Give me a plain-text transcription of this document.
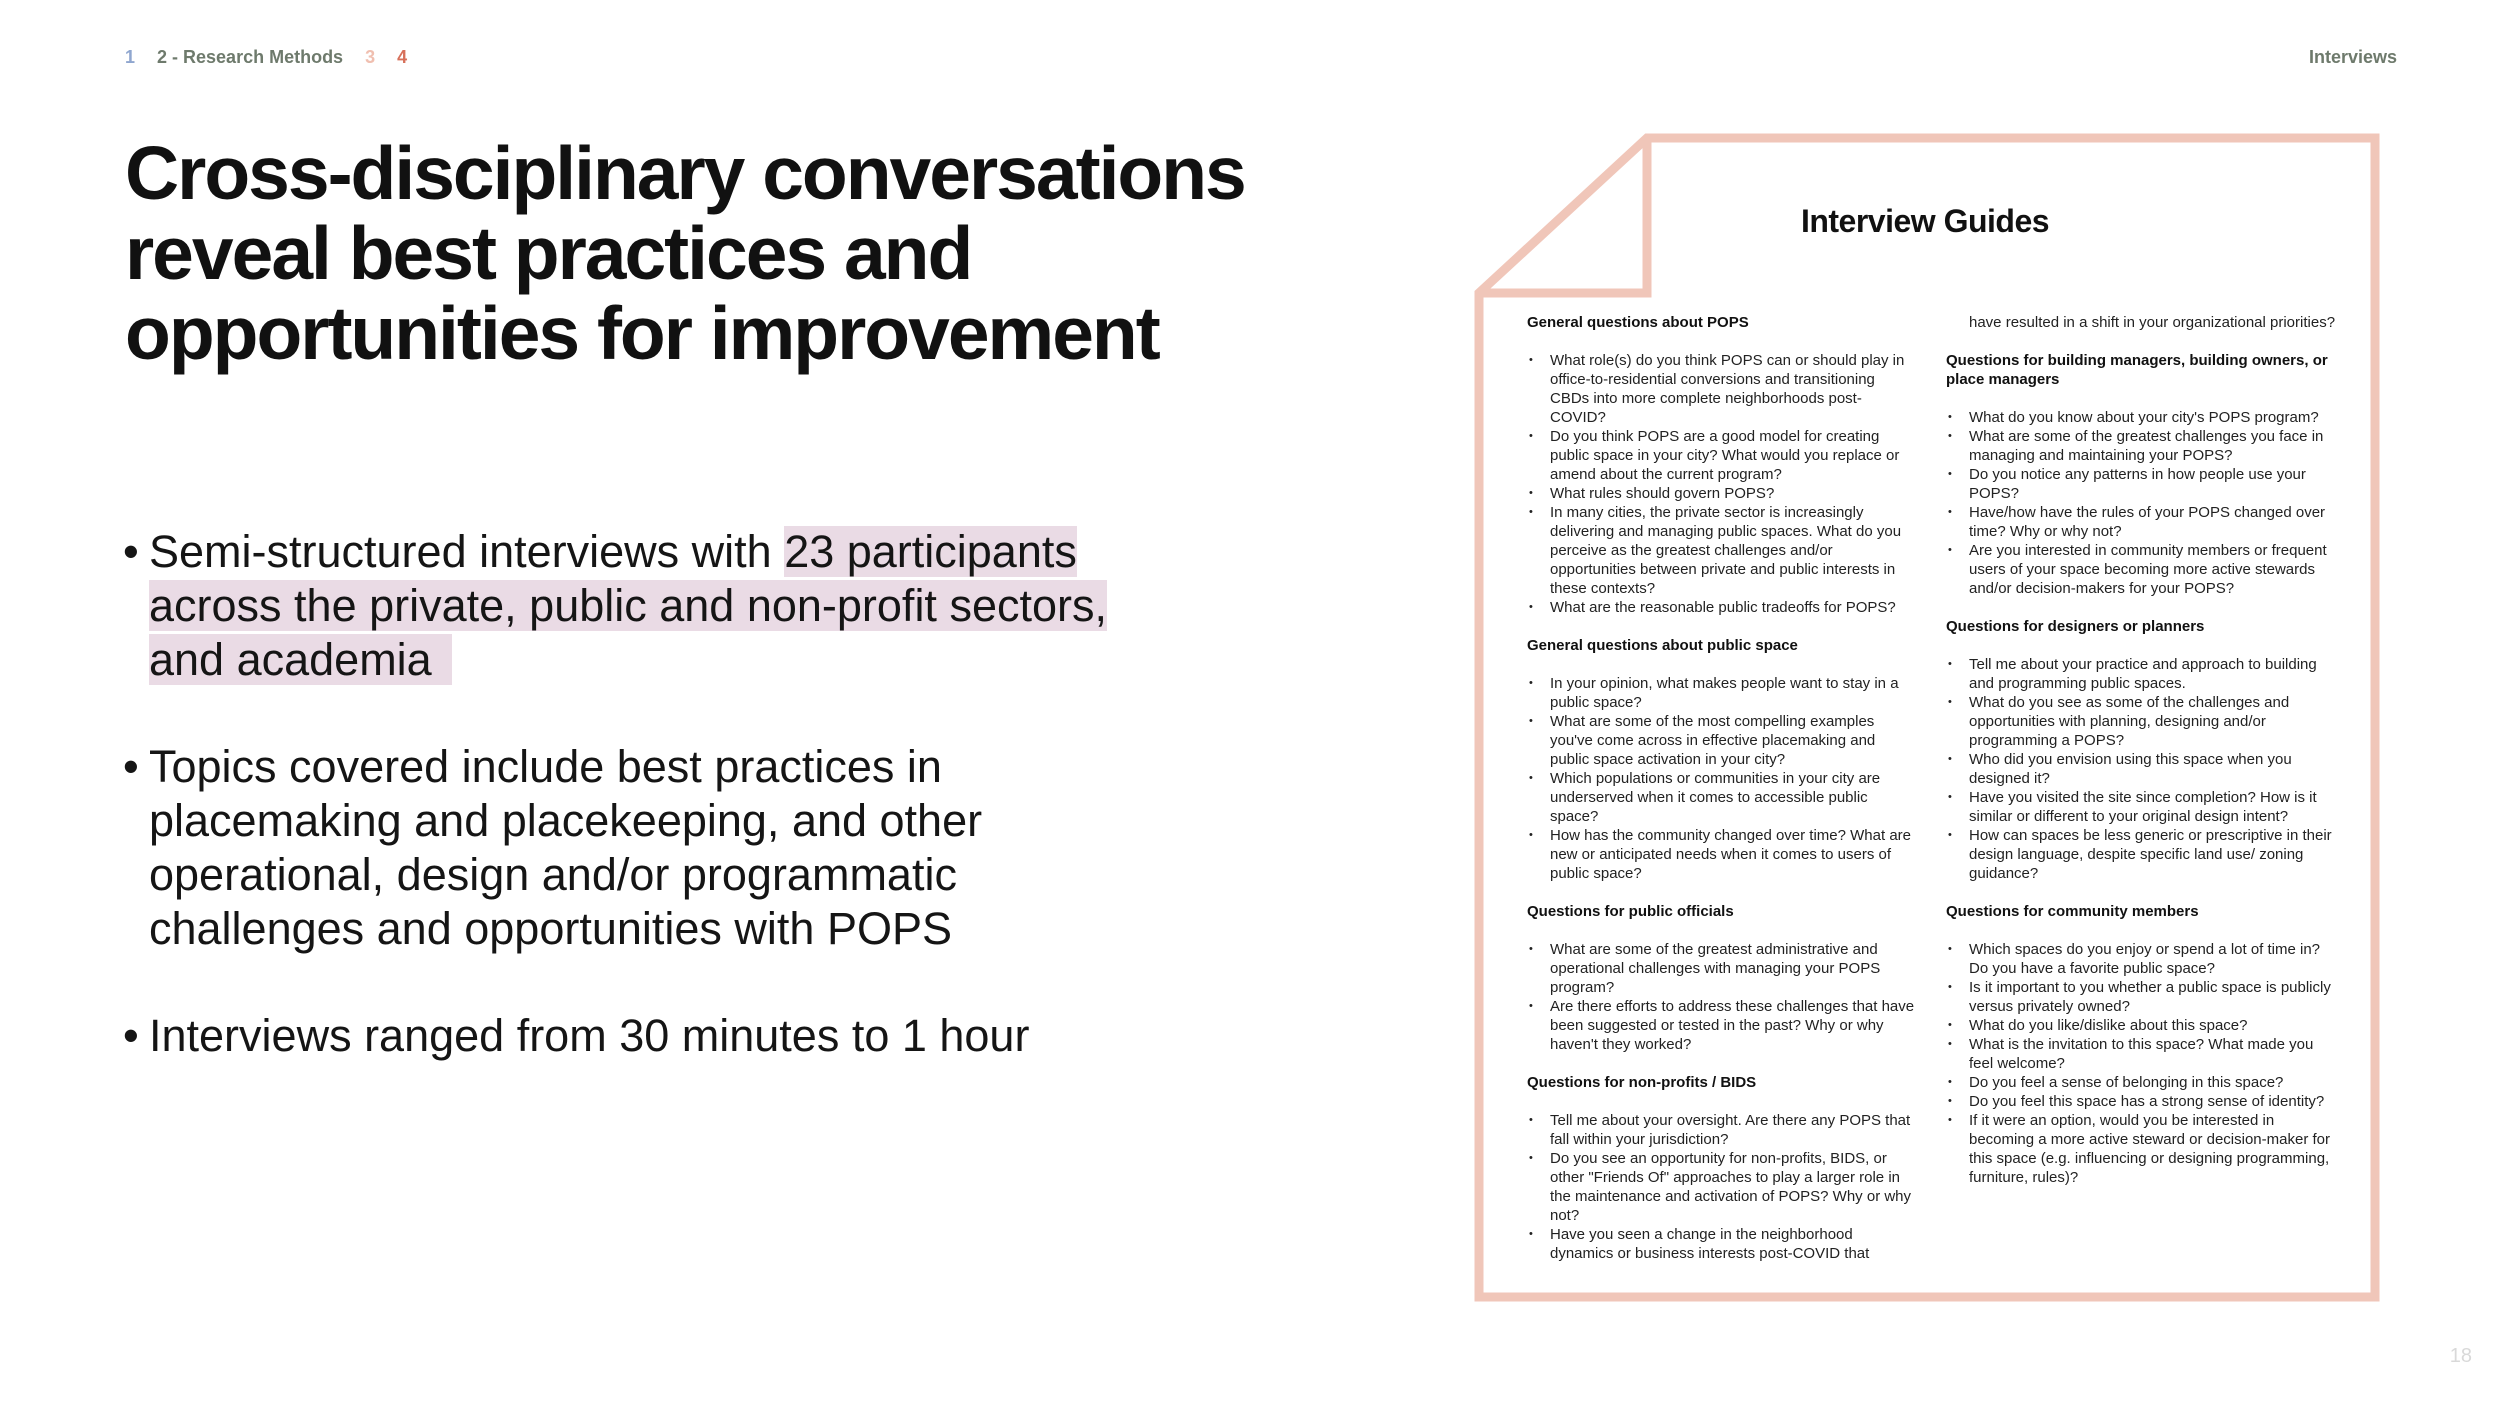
1 2 - Research Methods 3 4	Interviews
Cross-disciplinary conversations
reveal best practices and
opportunities for improvement
• Semi-structured interviews with 23 participants
across the private, public and non-profit sectors,
and academia
• Topics covered include best practices in
placemaking and placekeeping, and other
operational, design and/or programmatic
challenges and opportunities with POPS
• Interviews ranged from 30 minutes to 1 hour
Interview Guides
General questions about POPS
• What role(s) do you think POPS can or should play in office-to-residential conversions and transitioning CBDs into more complete neighborhoods post-COVID?
• Do you think POPS are a good model for creating public space in your city? What would you replace or amend about the current program?
• What rules should govern POPS?
• In many cities, the private sector is increasingly delivering and managing public spaces. What do you perceive as the greatest challenges and/or opportunities between private and public interests in these contexts?
• What are the reasonable public tradeoffs for POPS?
General questions about public space
• In your opinion, what makes people want to stay in a public space?
• What are some of the most compelling examples you've come across in effective placemaking and public space activation in your city?
• Which populations or communities in your city are underserved when it comes to accessible public space?
• How has the community changed over time? What are new or anticipated needs when it comes to users of public space?
Questions for public officials
• What are some of the greatest administrative and operational challenges with managing your POPS program?
• Are there efforts to address these challenges that have been suggested or tested in the past? Why or why haven't they worked?
Questions for non-profits / BIDS
• Tell me about your oversight. Are there any POPS that fall within your jurisdiction?
• Do you see an opportunity for non-profits, BIDS, or other "Friends Of" approaches to play a larger role in the maintenance and activation of POPS? Why or why not?
• Have you seen a change in the neighborhood dynamics or business interests post-COVID that
have resulted in a shift in your organizational priorities?
Questions for building managers, building owners, or place managers
• What do you know about your city's POPS program?
• What are some of the greatest challenges you face in managing and maintaining your POPS?
• Do you notice any patterns in how people use your POPS?
• Have/how have the rules of your POPS changed over time? Why or why not?
• Are you interested in community members or frequent users of your space becoming more active stewards and/or decision-makers for your POPS?
Questions for designers or planners
• Tell me about your practice and approach to building and programming public spaces.
• What do you see as some of the challenges and opportunities with planning, designing and/or programming a POPS?
• Who did you envision using this space when you designed it?
• Have you visited the site since completion? How is it similar or different to your original design intent?
• How can spaces be less generic or prescriptive in their design language, despite specific land use/ zoning guidance?
Questions for community members
• Which spaces do you enjoy or spend a lot of time in? Do you have a favorite public space?
• Is it important to you whether a public space is publicly versus privately owned?
• What do you like/dislike about this space?
• What is the invitation to this space? What made you feel welcome?
• Do you feel a sense of belonging in this space?
• Do you feel this space has a strong sense of identity?
• If it were an option, would you be interested in becoming a more active steward or decision-maker for this space (e.g. influencing or designing programming, furniture, rules)?
18
